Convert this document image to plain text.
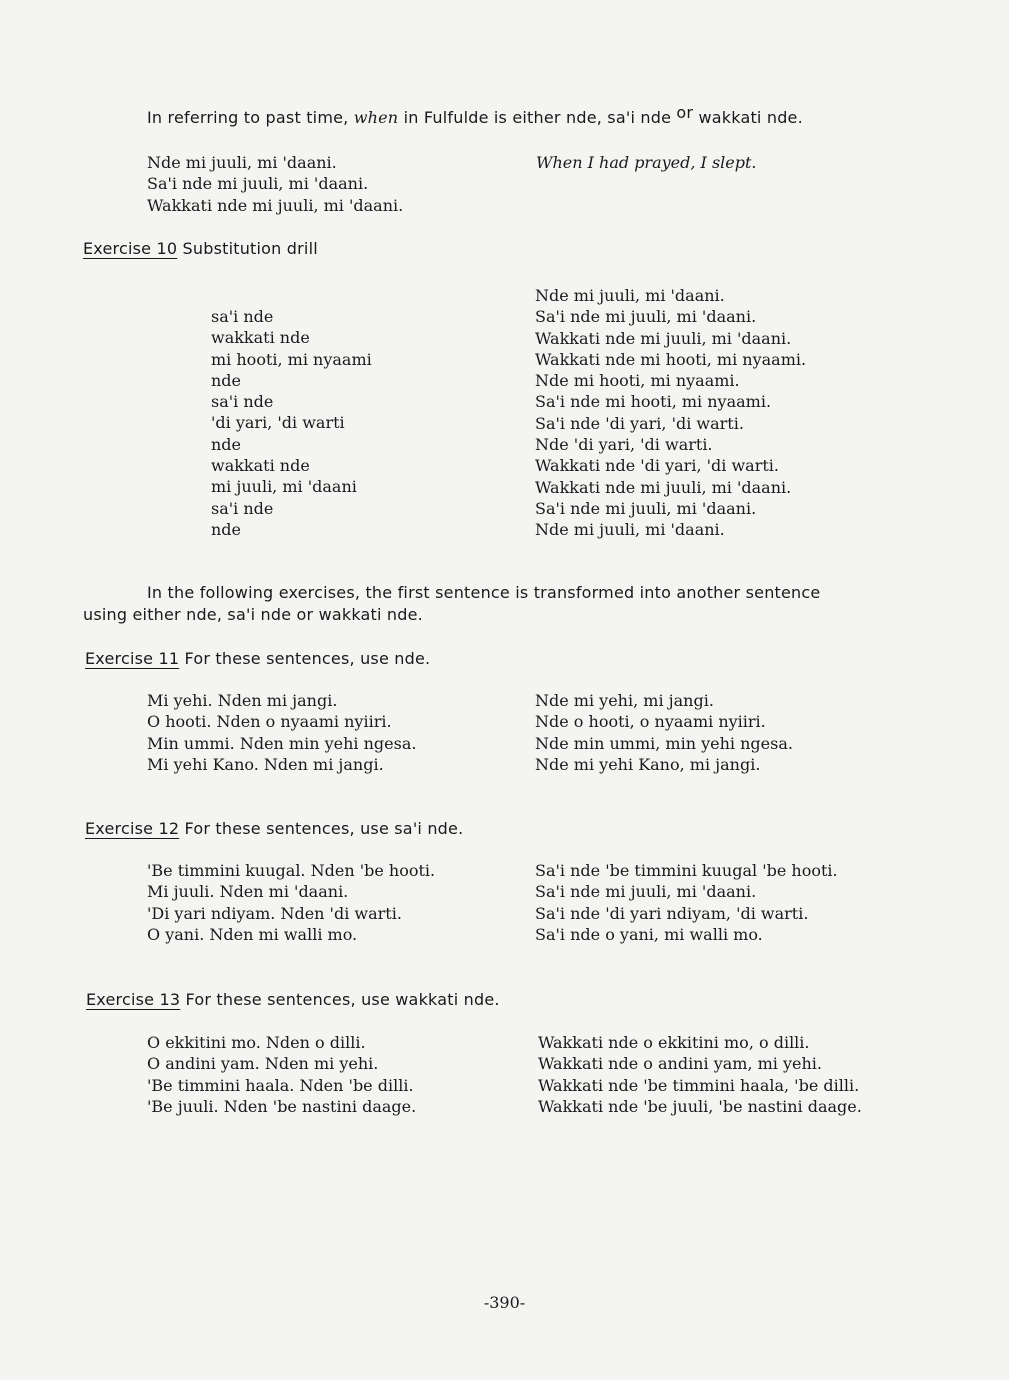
In referring to past time, when in Fulfulde is either nde, sa'i nde or wakkati nde.
Nde mi juuli, mi 'daani.
Sa'i nde mi juuli, mi 'daani.
Wakkati nde mi juuli, mi 'daani.
When I had prayed, I slept.
Exercise 10 Substitution drill
sa'i nde
wakkati nde
mi hooti, mi nyaami
nde
sa'i nde
'di yari, 'di warti
nde
wakkati nde
mi juuli, mi 'daani
sa'i nde
nde
Nde mi juuli, mi 'daani.
Sa'i nde mi juuli, mi 'daani.
Wakkati nde mi juuli, mi 'daani.
Wakkati nde mi hooti, mi nyaami.
Nde mi hooti, mi nyaami.
Sa'i nde mi hooti, mi nyaami.
Sa'i nde 'di yari, 'di warti.
Nde 'di yari, 'di warti.
Wakkati nde 'di yari, 'di warti.
Wakkati nde mi juuli, mi 'daani.
Sa'i nde mi juuli, mi 'daani.
Nde mi juuli, mi 'daani.
In the following exercises, the first sentence is transformed into another sentence
using either nde, sa'i nde or wakkati nde.
Exercise 11 For these sentences, use nde.
Mi yehi. Nden mi jangi.
O hooti. Nden o nyaami nyiiri.
Min ummi. Nden min yehi ngesa.
Mi yehi Kano. Nden mi jangi.
Nde mi yehi, mi jangi.
Nde o hooti, o nyaami nyiiri.
Nde min ummi, min yehi ngesa.
Nde mi yehi Kano, mi jangi.
Exercise 12 For these sentences, use sa'i nde.
'Be timmini kuugal. Nden 'be hooti.
Mi juuli. Nden mi 'daani.
'Di yari ndiyam. Nden 'di warti.
O yani. Nden mi walli mo.
Sa'i nde 'be timmini kuugal 'be hooti.
Sa'i nde mi juuli, mi 'daani.
Sa'i nde 'di yari ndiyam, 'di warti.
Sa'i nde o yani, mi walli mo.
Exercise 13 For these sentences, use wakkati nde.
O ekkitini mo. Nden o dilli.
O andini yam. Nden mi yehi.
'Be timmini haala. Nden 'be dilli.
'Be juuli. Nden 'be nastini daage.
Wakkati nde o ekkitini mo, o dilli.
Wakkati nde o andini yam, mi yehi.
Wakkati nde 'be timmini haala, 'be dilli.
Wakkati nde 'be juuli, 'be nastini daage.
-390-
